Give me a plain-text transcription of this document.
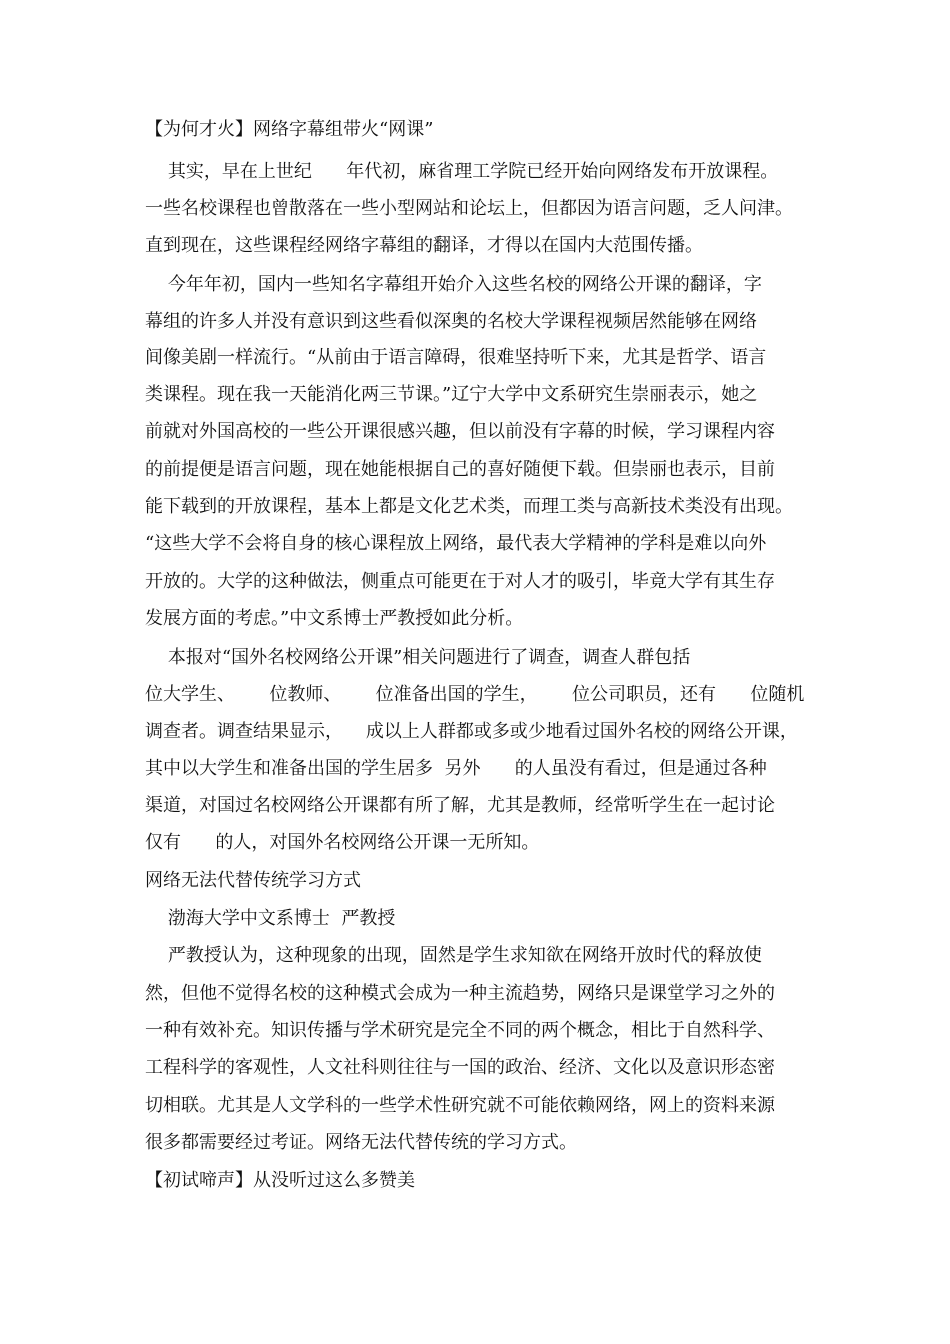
【为何才火】网络字幕组带火“网课”

其实，早在上世纪      年代初，麻省理工学院已经开始向网络发布开放课程。

一些名校课程也曾散落在一些小型网站和论坛上，但都因为语言问题，乏人问津。

直到现在，这些课程经网络字幕组的翻译，才得以在国内大范围传播。

今年年初，国内一些知名字幕组开始介入这些名校的网络公开课的翻译，字

幕组的许多人并没有意识到这些看似深奥的名校大学课程视频居然能够在网络

间像美剧一样流行。“从前由于语言障碍，很难坚持听下来，尤其是哲学、语言

类课程。现在我一天能消化两三节课。”辽宁大学中文系研究生崇丽表示，她之

前就对外国高校的一些公开课很感兴趣，但以前没有字幕的时候，学习课程内容

的前提便是语言问题，现在她能根据自己的喜好随便下载。但崇丽也表示，目前

能下载到的开放课程，基本上都是文化艺术类，而理工类与高新技术类没有出现。

“这些大学不会将自身的核心课程放上网络，最代表大学精神的学科是难以向外

开放的。大学的这种做法，侧重点可能更在于对人才的吸引，毕竟大学有其生存

发展方面的考虑。”中文系博士严教授如此分析。

本报对“国外名校网络公开课”相关问题进行了调查，调查人群包括

位大学生、      位教师、      位准备出国的学生，      位公司职员，还有      位随机

调查者。调查结果显示，    成以上人群都或多或少地看过国外名校的网络公开课，

其中以大学生和准备出国的学生居多  另外      的人虽没有看过，但是通过各种

渠道，对国过名校网络公开课都有所了解，尤其是教师，经常听学生在一起讨论

仅有      的人，对国外名校网络公开课一无所知。

网络无法代替传统学习方式

渤海大学中文系博士  严教授

严教授认为，这种现象的出现，固然是学生求知欲在网络开放时代的释放使

然，但他不觉得名校的这种模式会成为一种主流趋势，网络只是课堂学习之外的

一种有效补充。知识传播与学术研究是完全不同的两个概念，相比于自然科学、

工程科学的客观性，人文社科则往往与一国的政治、经济、文化以及意识形态密

切相联。尤其是人文学科的一些学术性研究就不可能依赖网络，网上的资料来源

很多都需要经过考证。网络无法代替传统的学习方式。

【初试啼声】从没听过这么多赞美
